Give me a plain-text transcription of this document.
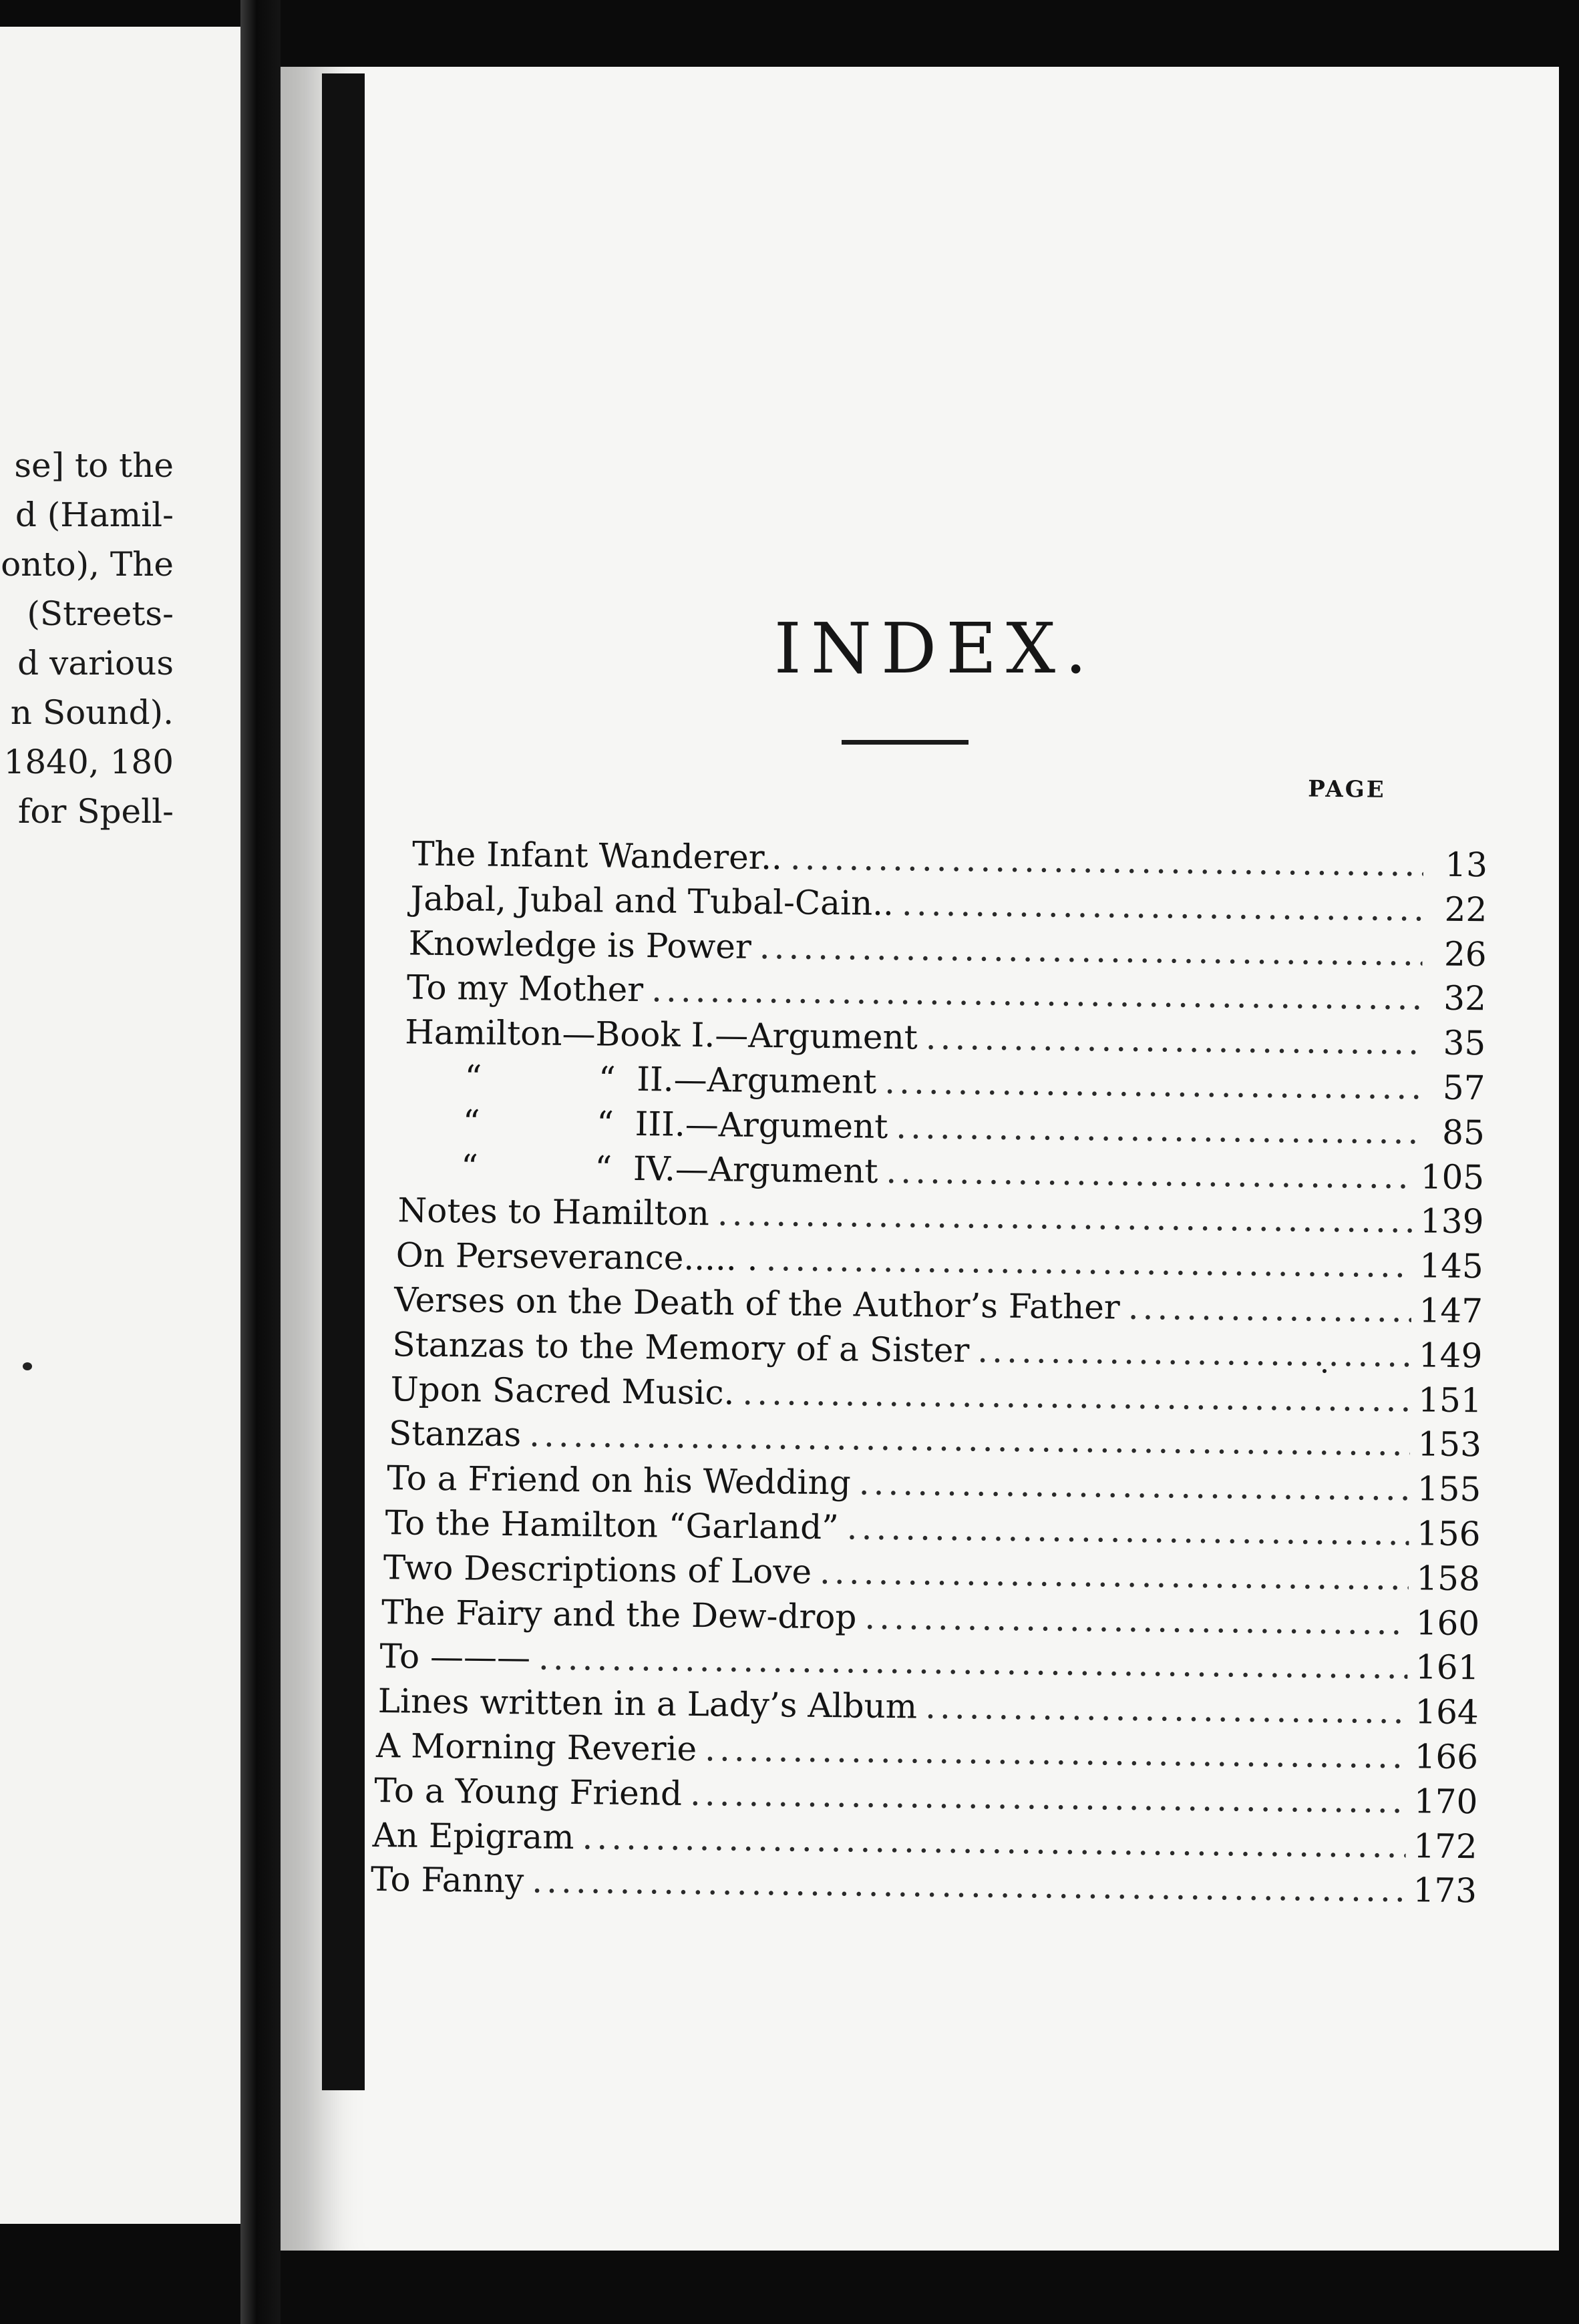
se] to the
d (Hamil-
onto), The
(Streets-
d various
n Sound).
1840, 180
for Spell-
INDEX.
PAGE
The Infant Wanderer.. .....	13
Jabal, Jubal and Tubal-Cain.. .....	22
Knowledge is Power .....	26
To my Mother .....	32
Hamilton—Book I.—Argument .....	35
“           “  II.—Argument .....	57
“           “  III.—Argument .....	85
“           “  IV.—Argument .....	105
Notes to Hamilton .....	139
On Perseverance..... . .....	145
Verses on the Death of the Author’s Father .....	147
Stanzas to the Memory of a Sister .....	149
Upon Sacred Music. .....	151
Stanzas .....	153
To a Friend on his Wedding .....	155
To the Hamilton “Garland” .....	156
Two Descriptions of Love .....	158
The Fairy and the Dew-drop .....	160
To ——— .....	161
Lines written in a Lady’s Album .....	164
A Morning Reverie .....	166
To a Young Friend .....	170
An Epigram .....	172
To Fanny .....	173
